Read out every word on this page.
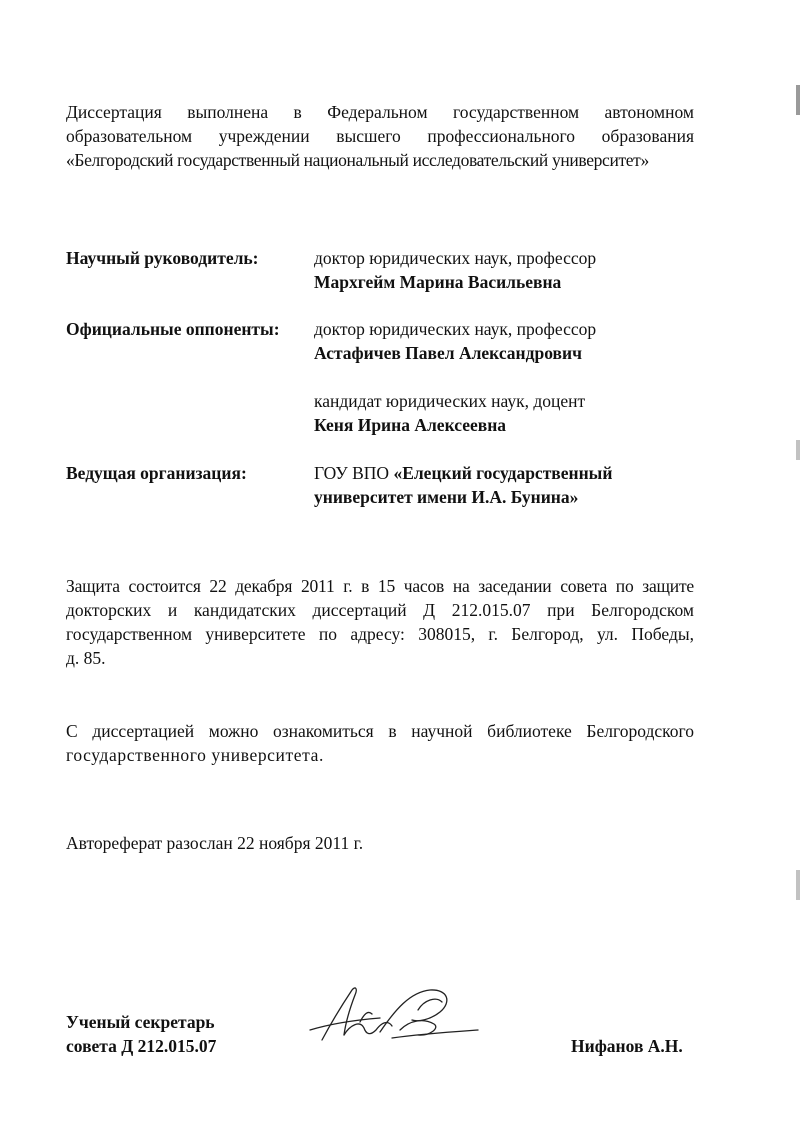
Диссертация выполнена в Федеральном государственном автономном
образовательном учреждении высшего профессионального образования
«Белгородский государственный национальный исследовательский университет»
Научный руководитель:	доктор юридических наук, профессор
Мархгейм Марина Васильевна
Официальные оппоненты: доктор юридических наук, профессор
Астафичев Павел Александрович
кандидат юридических наук, доцент
Кеня Ирина Алексеевна
Ведущая организация:	ГОУ ВПО «Елецкий государственный
университет имени И.А. Бунина»
Защита состоится 22 декабря 2011 г. в 15 часов на заседании совета по защите
докторских и кандидатских диссертаций Д 212.015.07 при Белгородском
государственном университете по адресу: 308015, г. Белгород, ул. Победы,
д. 85.
С диссертацией можно ознакомиться в научной библиотеке Белгородского
государственного университета.
Автореферат разослан 22 ноября 2011 г.
Ученый секретарь
совета Д 212.015.07	Нифанов А.Н.
